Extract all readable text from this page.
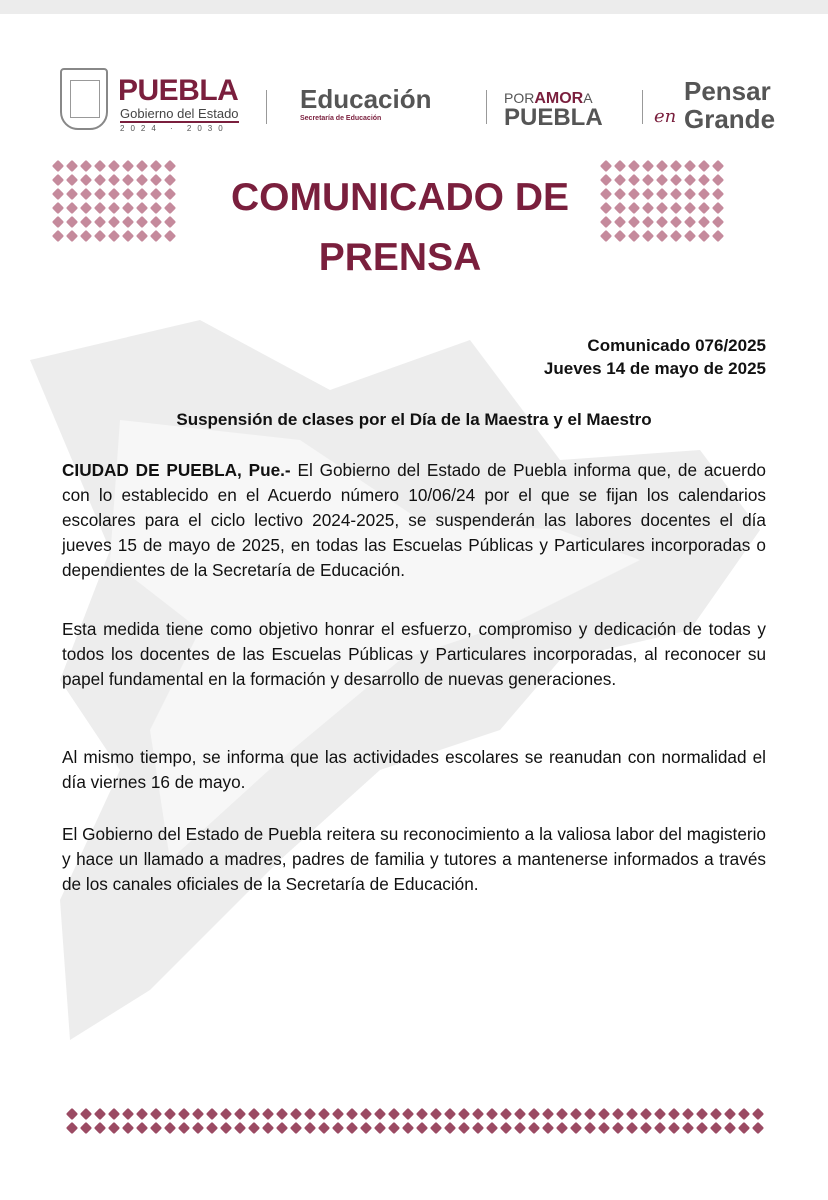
PUEBLA
Gobierno del Estado
2024 · 2030
Educación
Secretaría de Educación
PORAMORA
PUEBLA
Pensar
en Grande
COMUNICADO DE PRENSA
Comunicado 076/2025
Jueves 14 de mayo de 2025
Suspensión de clases por el Día de la Maestra y el Maestro
CIUDAD DE PUEBLA, Pue.- El Gobierno del Estado de Puebla informa que, de acuerdo con lo establecido en el Acuerdo número 10/06/24 por el que se fijan los calendarios escolares para el ciclo lectivo 2024-2025, se suspenderán las labores docentes el día jueves 15 de mayo de 2025, en todas las Escuelas Públicas y Particulares incorporadas o dependientes de la Secretaría de Educación.
Esta medida tiene como objetivo honrar el esfuerzo, compromiso y dedicación de todas y todos los docentes de las Escuelas Públicas y Particulares incorporadas, al reconocer su papel fundamental en la formación y desarrollo de nuevas generaciones.
Al mismo tiempo, se informa que las actividades escolares se reanudan con normalidad el día viernes 16 de mayo.
El Gobierno del Estado de Puebla reitera su reconocimiento a la valiosa labor del magisterio y hace un llamado a madres, padres de familia y tutores a mantenerse informados a través de los canales oficiales de la Secretaría de Educación.
